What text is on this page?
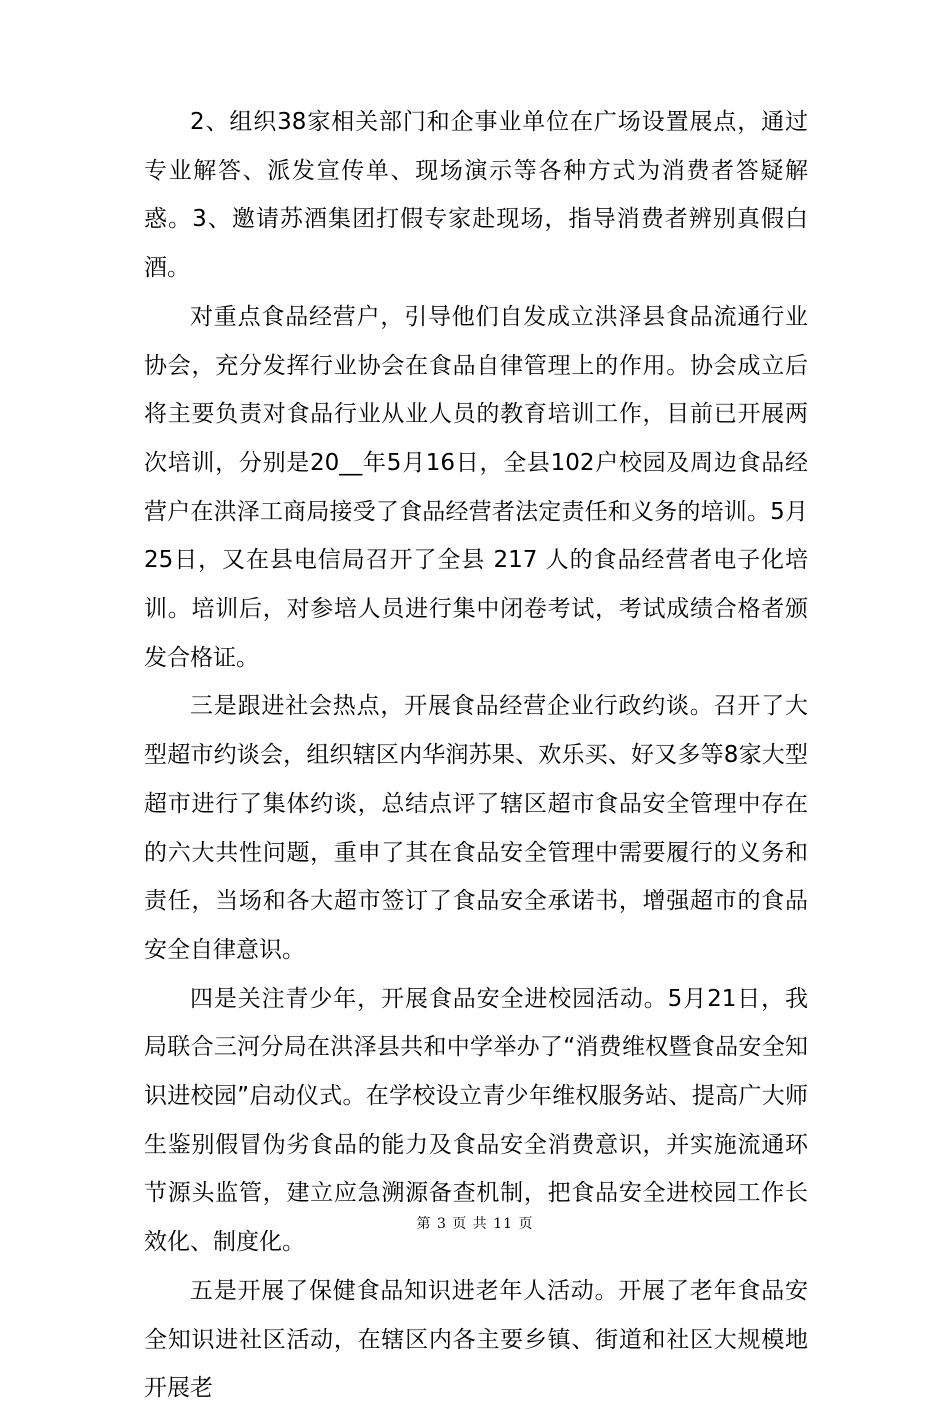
2、组织38家相关部门和企事业单位在广场设置展点，通过专业解答、派发宣传单、现场演示等各种方式为消费者答疑解惑。3、邀请苏酒集团打假专家赴现场，指导消费者辨别真假白酒。

对重点食品经营户，引导他们自发成立洪泽县食品流通行业协会，充分发挥行业协会在食品自律管理上的作用。协会成立后将主要负责对食品行业从业人员的教育培训工作，目前已开展两次培训，分别是20__年5月16日，全县102户校园及周边食品经营户在洪泽工商局接受了食品经营者法定责任和义务的培训。5月25日，又在县电信局召开了全县 217 人的食品经营者电子化培训。培训后，对参培人员进行集中闭卷考试，考试成绩合格者颁发合格证。

三是跟进社会热点，开展食品经营企业行政约谈。召开了大型超市约谈会，组织辖区内华润苏果、欢乐买、好又多等8家大型超市进行了集体约谈，总结点评了辖区超市食品安全管理中存在的六大共性问题，重申了其在食品安全管理中需要履行的义务和责任，当场和各大超市签订了食品安全承诺书，增强超市的食品安全自律意识。

四是关注青少年，开展食品安全进校园活动。5月21日，我局联合三河分局在洪泽县共和中学举办了“消费维权暨食品安全知识进校园”启动仪式。在学校设立青少年维权服务站、提高广大师生鉴别假冒伪劣食品的能力及食品安全消费意识，并实施流通环节源头监管，建立应急溯源备查机制，把食品安全进校园工作长效化、制度化。

五是开展了保健食品知识进老年人活动。开展了老年食品安全知识进社区活动，在辖区内各主要乡镇、街道和社区大规模地开展老

第 3 页 共 11 页
